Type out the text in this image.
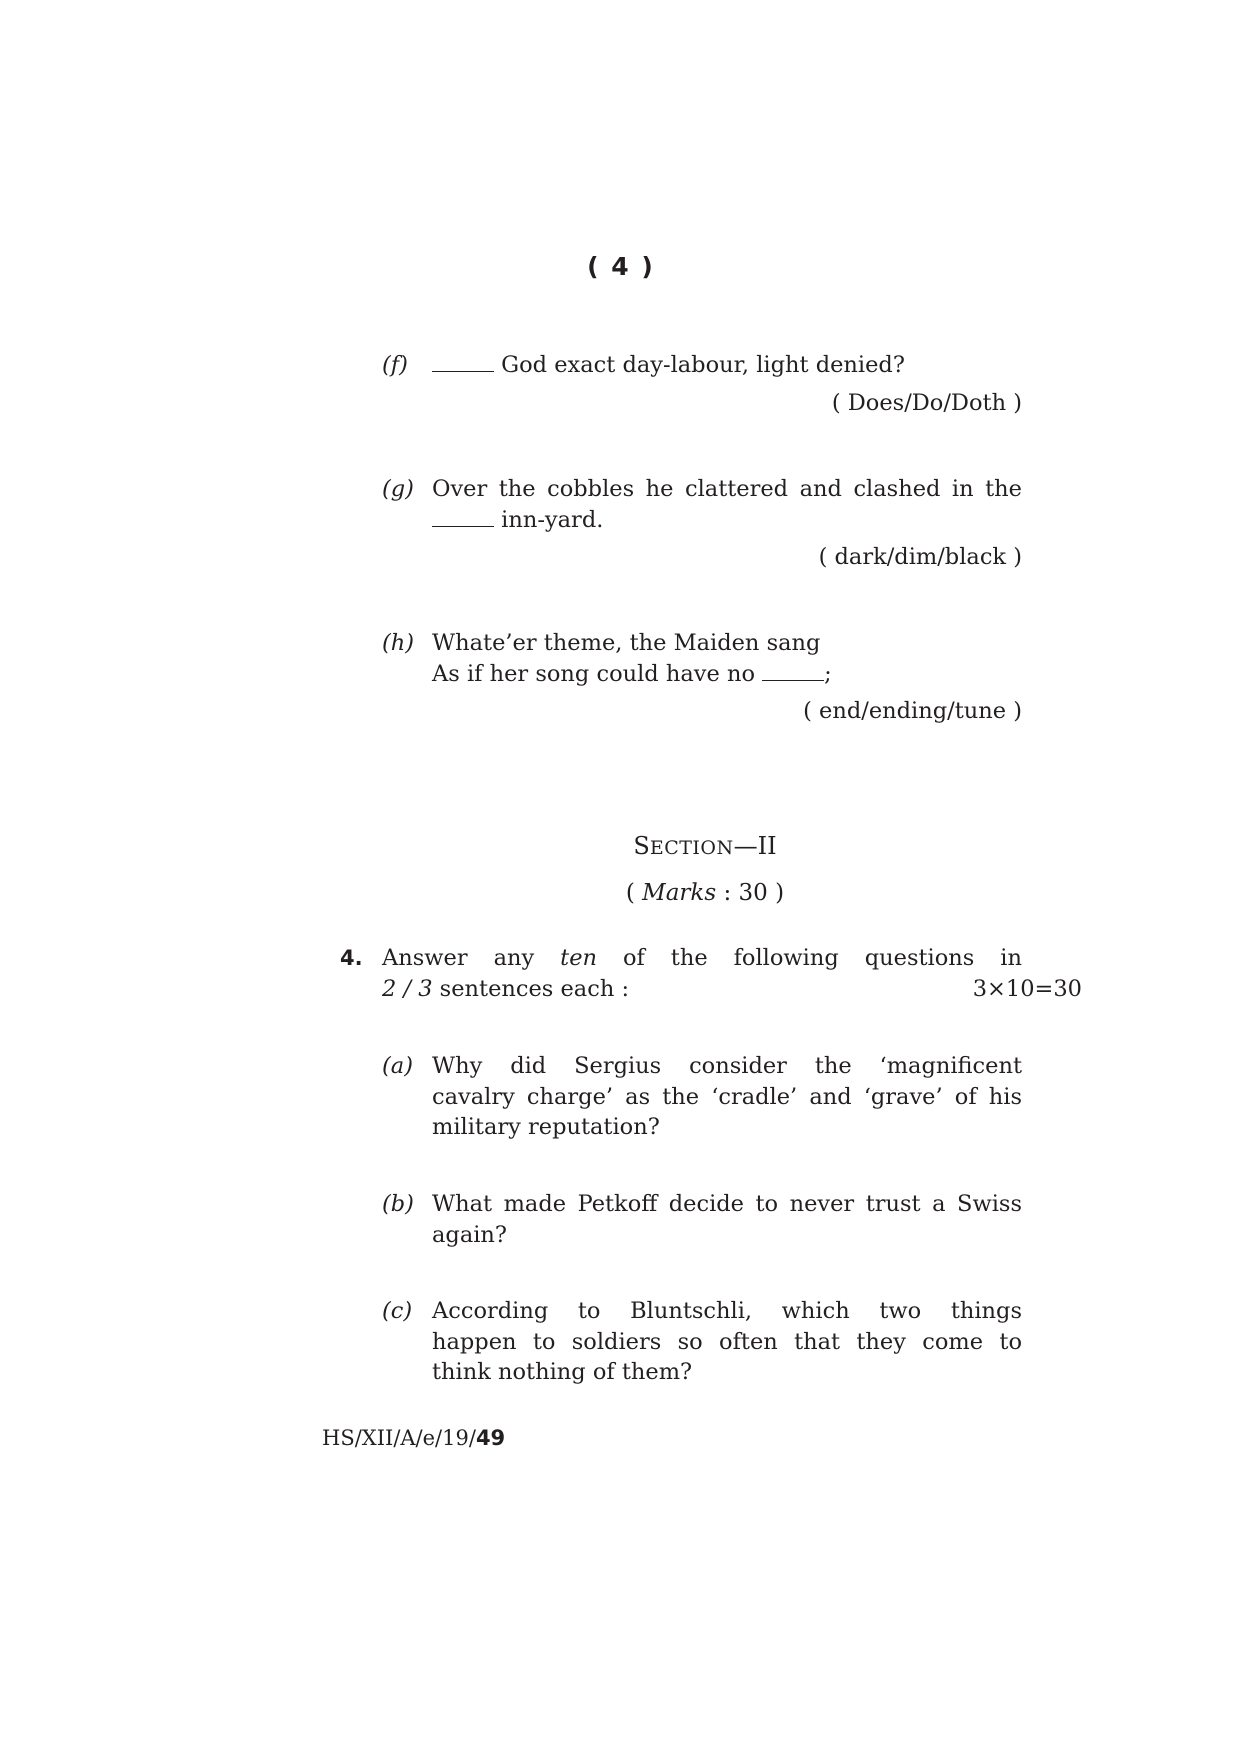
( 4 )
(f)	God exact day-labour, light denied?
( Does/Do/Doth )
(g) Over the cobbles he clattered and clashed in the
inn-yard.
( dark/dim/black )
(h) Whate’er theme, the Maiden sang
As if her song could have no	;
( end/ending/tune )
SECTION—II
( Marks : 30 )
4. Answer any ten of the following questions in
2 / 3 sentences each :	3×10=30
(a) Why did Sergius consider the ‘magnificent
cavalry charge’ as the ‘cradle’ and ‘grave’ of his
military reputation?
(b) What made Petkoff decide to never trust a Swiss
again?
(c) According to Bluntschli, which two things
happen to soldiers so often that they come to
think nothing of them?
HS/XII/A/e/19/49
